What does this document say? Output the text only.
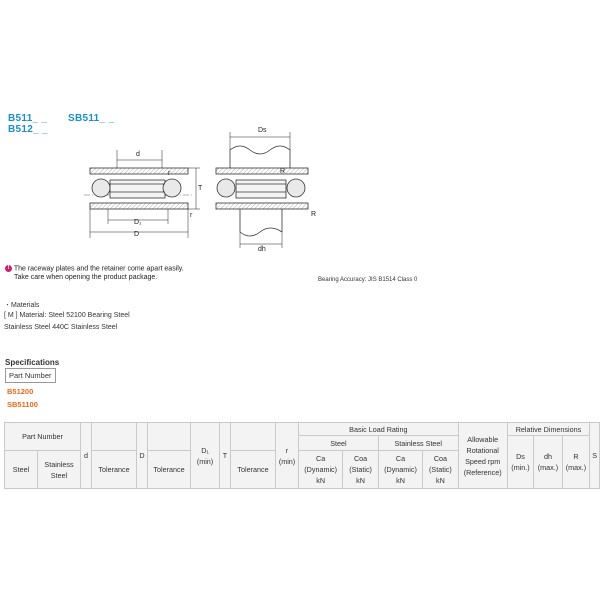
B511_ _
B512_ _
SB511_ _
d
r
T
r
D₁
D
Ds
R
R
dh
! The raceway plates and the retainer come apart easily.
Take care when opening the product package.	Bearing Accuracy: JIS B1514 Class 0
・Materials
[ M ] Material: Steel 52100 Bearing Steel
Stainless Steel 440C Stainless Steel
Specifications
Part Number
B51200
SB51100
Part Number		d		D		D₁ (min)	T		r (min)	Basic Load Rating				Allowable Rotational Speed rpm (Reference)	Relative Dimensions			S
										Steel		Stainless Steel			Ds (min.)	dh (max.)	R (max.)	
Steel	Stainless Steel		Tolerance		Tolerance			Tolerance		Ca (Dynamic) kN	Coa (Static) kN	Ca (Dynamic) kN	Coa (Static) kN					
